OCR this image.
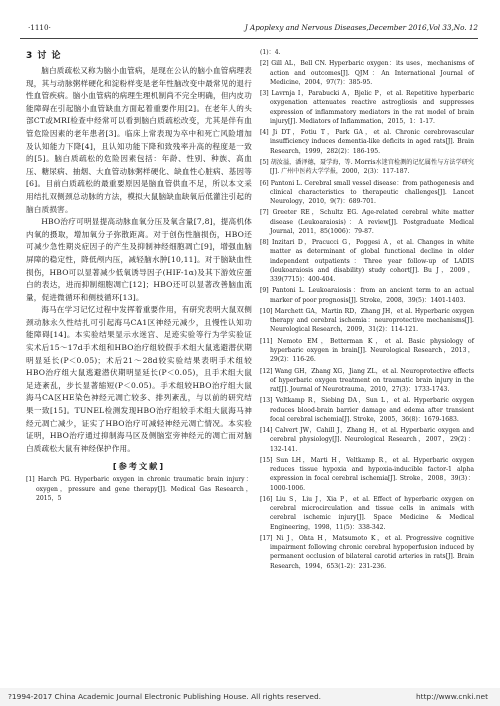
·1110·	J Apoplexy and Nervous Diseases,December 2016,Vol 33,No. 12
3 讨 论

脑白质疏松又称为脑小血管病，是现在公认的脑小血管病理表现，其与动脉粥样硬化和淀粉样变是老年性脑改变中最常见的退行性血管疾病。脑小血管病的病理生理机制尚不完全明确，但内皮功能障碍在引起脑小血管缺血方面起着重要作用[2]。在老年人的头部CT或MRI检查中经常可以看到脑白质疏松改变，尤其是伴有血管危险因素的老年患者[3]。临床上常表现为卒中和死亡风险增加及认知能力下降[4]，且认知功能下降和致残率升高的程度是一致的[5]。脑白质疏松的危险因素包括：年龄、性别、种族、高血压、糖尿病、抽烟、大血管动脉粥样硬化、缺血性心脏病、基因等[6]。目前白质疏松的最重要原因是脑血管供血不足，所以本文采用结扎双侧颈总动脉的方法，模拟大鼠脑缺血缺氧后低灌注引起的脑白质损害。

HBO治疗可明显提高动脉血氧分压及氧含量[7,8]，提高机体内氧的摄取，增加氧分子弥散距离。对于创伤性脑损伤，HBO还可减少急性期炎症因子的产生及抑制神经细胞凋亡[9]，增强血脑屏障的稳定性，降低颅内压，减轻脑水肿[10,11]。对于脑缺血性损伤，HBO可以显著减少低氧诱导因子(HIF-1α)及其下游效应蛋白的表达，进而抑制细胞凋亡[12]；HBO还可以显著改善脑血流量，促进微循环和侧枝循环[13]。

海马在学习记忆过程中发挥着重要作用，有研究表明大鼠双侧颈动脉永久性结扎可引起海马CA1区神经元减少，且慢性认知功能障碍[14]。本实验结果显示水迷宫、足迹实验等行为学实验证实术后15～17d手术组和HBO治疗组较假手术组大鼠逃避潜伏期明显延长(P＜0.05)；术后21～28d较实验结果表明手术组较HBO治疗组大鼠逃避潜伏期明显延长(P＜0.05)，且手术组大鼠足迹紊乱，步长显著缩短(P＜0.05)。手术组较HBO治疗组大鼠海马CA区HE染色神经元凋亡较多、排列紊乱，与以前的研究结果一致[15]。TUNEL检测发现HBO治疗组较手术组大鼠海马神经元凋亡减少，证实了HBO治疗可减轻神经元凋亡情况。本实验证明，HBO治疗通过抑制海马区及侧脑室旁神经元的凋亡而对脑白质疏松大鼠有神经保护作用。

[参考文献]

[1] Harch PG. Hyperbaric oxygen in chronic traumatic brain injury：oxygen，pressure and gene therapy[J]. Medical Gas Research，2015，5

(1)：4.

[2] Gill AL，Bell CN. Hyperbaric oxygen：its uses，mechanisms of action and outcomes[J]. QJM：An International Journal of Medicine，2004，97(7)：385-95.

[3] Lavrnja I，Parabucki A，Bjelic P，et al. Repetitive hyperbaric oxygenation attenuates reactive astrogliosis and suppresses expression of inflammatory mediators in the rat model of brain injury[J]. Mediators of Inflammation，2015，1：1-17.

[4] Ji DT，Fotiu T，Park GA，et al. Chronic cerebrovascular insufficiency induces dementia-like deficits in aged rats[J]. Brain Research，1999，282(2)：186-195.

[5] 胡汝溢，潘泽德，聂学海，等. Morris水迷宫检测的记忆属性与方法学研究[J]. 广州中医药大学学报，2000，2(3)：117-187.

[6] Pantoni L. Cerebral small vessel disease：from pathogenesis and clinical characteristics to therapeutic challenges[J]. Lancet Neurology，2010，9(7)：689-701.

[7] Greeter RE，Schultz EG. Age-related cerebral white matter disease (Leukoaraiosis)：A review[J]. Postgraduate Medical Journal，2011，85(1006)：79-87.

[8] Inzitari D，Pracucci G，Poggesi A，et al. Changes in white matter as determinant of global functional decline in older independent outpatients：Three year follow-up of LADIS (leukoaraiosis and disability) study cohort[J]. Bu J，2009，339(7715)：400-404.

[9] Pantoni L. Leukoaraiosis：from an ancient term to an actual marker of poor prognosis[J]. Stroke，2008，39(5)：1401-1403.

[10] Marchett GA，Martin RD，Zhang JH，et al. Hyperbaric oxygen therapy and cerebral ischemia：neuroprotective mechanisms[J]. Neurological Research，2009，31(2)：114-121.

[11] Nemoto EM，Betterman K，et al. Basic physiology of hyperbaric oxygen in brain[J]. Neurological Research，2013，29(2)：116-26.

[12] Wang GH，Zhang XG，Jiang ZL，et al. Neuroprotective effects of hyperbaric oxygen treatment on traumatic brain injury in the rat[J]. Journal of Neurotrauma，2010，27(3)：1733-1743.

[13] Veltkamp R，Siebing DA，Sun L，et al. Hyperbaric oxygen reduces blood-brain barrier damage and edema after transient focal cerebral ischemia[J]. Stroke，2005，36(8)：1679-1683.

[14] Calvert JW，Cahill J，Zhang H，et al. Hyperbaric oxygen and cerebral physiology[J]. Neurological Research，2007，29(2)：132-141.

[15] Sun LH，Marti H，Veltkamp R，et al. Hyperbaric oxygen reduces tissue hypoxia and hypoxia-inducible factor-1 alpha expression in focal cerebral ischemia[J]. Stroke，2008，39(3)：1000-1006.

[16] Liu S，Liu J，Xia P，et al. Effect of hyperbaric oxygen on cerebral microcirculation and tissue cells in animals with cerebral ischemic injury[J]. Space Medicine & Medical Engineering，1998，11(5)：338-342.

[17] Ni J，Ohta H，Matsumoto K，et al. Progressive cognitive impairment following chronic cerebral hypoperfusion induced by permanent occlusion of bilateral carotid arteries in rats[J]. Brain Research，1994，653(1-2)：231-236.

?1994-2017 China Academic Journal Electronic Publishing House. All rights reserved.	http://www.cnki.net
